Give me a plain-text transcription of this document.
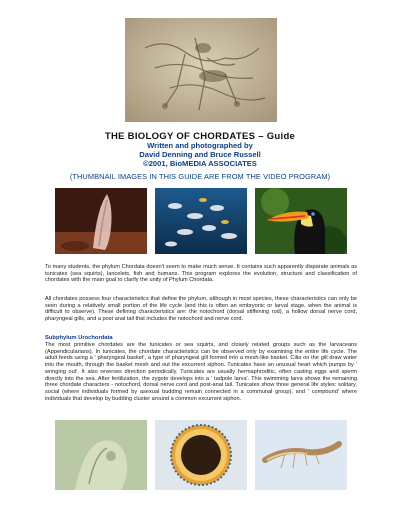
THE BIOLOGY OF CHORDATES – Guide
Written and photographed by
David Denning and Bruce Russell
©2001, BioMEDIA ASSOCIATES
(THUMBNAIL IMAGES IN THIS GUIDE ARE FROM THE VIDEO PROGRAM)
To many students, the phylum Chordata doesn't seem to make much sense. It contains such apparently disparate animals as tunicates (sea squirts), lancelets, fish and humans. This program explores the evolution, structure and classification of chordates with the main goal to clarify the unity of Phylum Chordata.
All chordates possess four characteristics that define the phylum, although in most species, these characteristics can only be seen during a relatively small portion of the life cycle (and this is often an embryonic or larval stage, when the animal is difficult to observe). These defining characteristics are: the notochord (dorsal stiffening rod), a hollow dorsal nerve cord, pharyngeal gills, and a post anal tail that includes the notochord and nerve cord.
Subphylum Urochordata
The most primitive chordates are the tunicates or sea squirts, and closely related groups such as the larvaceans (Appendicularians). In tunicates, the chordate characteristics can be observed only by examining the entire life cycle. The adult feeds using a ' pharyngeal basket', a type of pharyngeal gill formed into a mesh-like basket. Cilia on the gill draw water into the mouth, through the basket mesh and out the excurrent siphon. Tunicates have an unusual heart which pumps by ' wringing out'. It also reverses direction periodically. Tunicates are usually hermaphroditic, often casting eggs and sperm directly into the sea. After fertilization, the zygote develops into a ' tadpole larva'. This swimming larva shows the remaining three chordate characters - notochord, dorsal nerve cord and post-anal tail. Tunicates show three general life styles: solitary, social (where individuals formed by asexual budding remain connected in a communal group), and ' compound' where individuals that develop by budding cluster around a common excurrent siphon.
